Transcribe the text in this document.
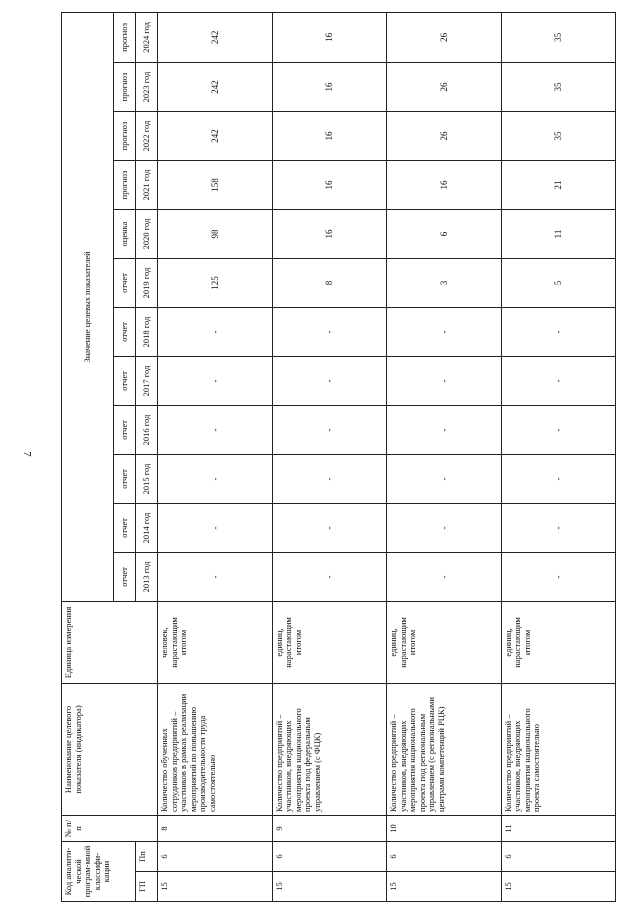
7
Код аналити-ческой програм-мной классифи-кации		№ п/п	Наименование целевого показателя (индикатора)	Единица измерения	Значение целевых показателей											
					отчет	отчет	отчет	отчет	отчет	отчет	отчет	оценка	прогноз	прогноз	прогноз	прогноз
ГП	Пп				2013 год	2014 год	2015 год	2016 год	2017 год	2018 год	2019 год	2020 год	2021 год	2022 год	2023 год	2024 год
15	6	8	Количество обученных сотрудников предприятий – участников в рамках реализации мероприятий по повышению производительности труда самостоятельно	человек, нарастающим итогом	-	-	-	-	-	-	125	98	158	242	242	242
15	6	9	Количество предприятий – участников, внедряющих мероприятия национального проекта под федеральным управлением (с ФЦК)	единиц, нарастающим итогом	-	-	-	-	-	-	8	16	16	16	16	16
15	6	10	Количество предприятий – участников, внедряющих мероприятия национального проекта под региональным управлением (с региональными центрами компетенций РЦК)	единиц, нарастающим итогом	-	-	-	-	-	-	3	6	16	26	26	26
15	6	11	Количество предприятий – участников, внедряющих мероприятия национального проекта самостоятельно	единиц, нарастающим итогом	-	-	-	-	-	-	5	11	21	35	35	35
